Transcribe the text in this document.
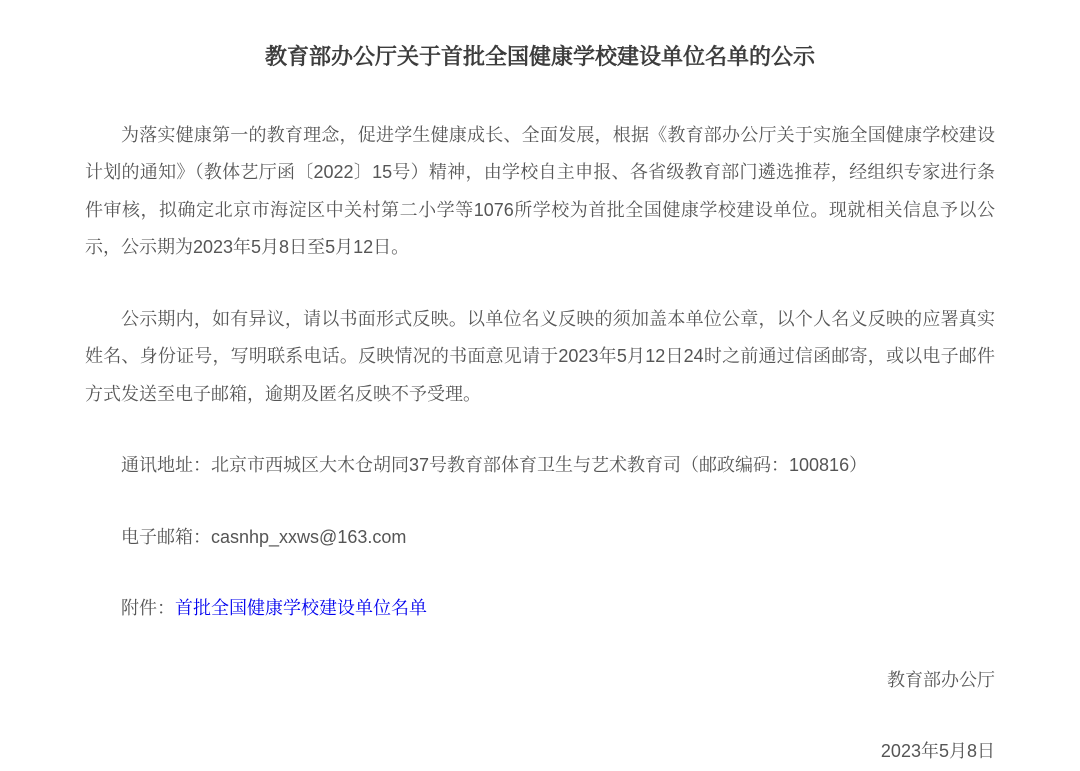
教育部办公厅关于首批全国健康学校建设单位名单的公示

为落实健康第一的教育理念，促进学生健康成长、全面发展，根据《教育部办公厅关于实施全国健康学校建设计划的通知》（教体艺厅函〔2022〕15号）精神，由学校自主申报、各省级教育部门遴选推荐，经组织专家进行条件审核，拟确定北京市海淀区中关村第二小学等1076所学校为首批全国健康学校建设单位。现就相关信息予以公示，公示期为2023年5月8日至5月12日。

公示期内，如有异议，请以书面形式反映。以单位名义反映的须加盖本单位公章，以个人名义反映的应署真实姓名、身份证号，写明联系电话。反映情况的书面意见请于2023年5月12日24时之前通过信函邮寄，或以电子邮件方式发送至电子邮箱，逾期及匿名反映不予受理。

通讯地址：北京市西城区大木仓胡同37号教育部体育卫生与艺术教育司（邮政编码：100816）

电子邮箱：casnhp_xxws@163.com

附件：首批全国健康学校建设单位名单

教育部办公厅

2023年5月8日
